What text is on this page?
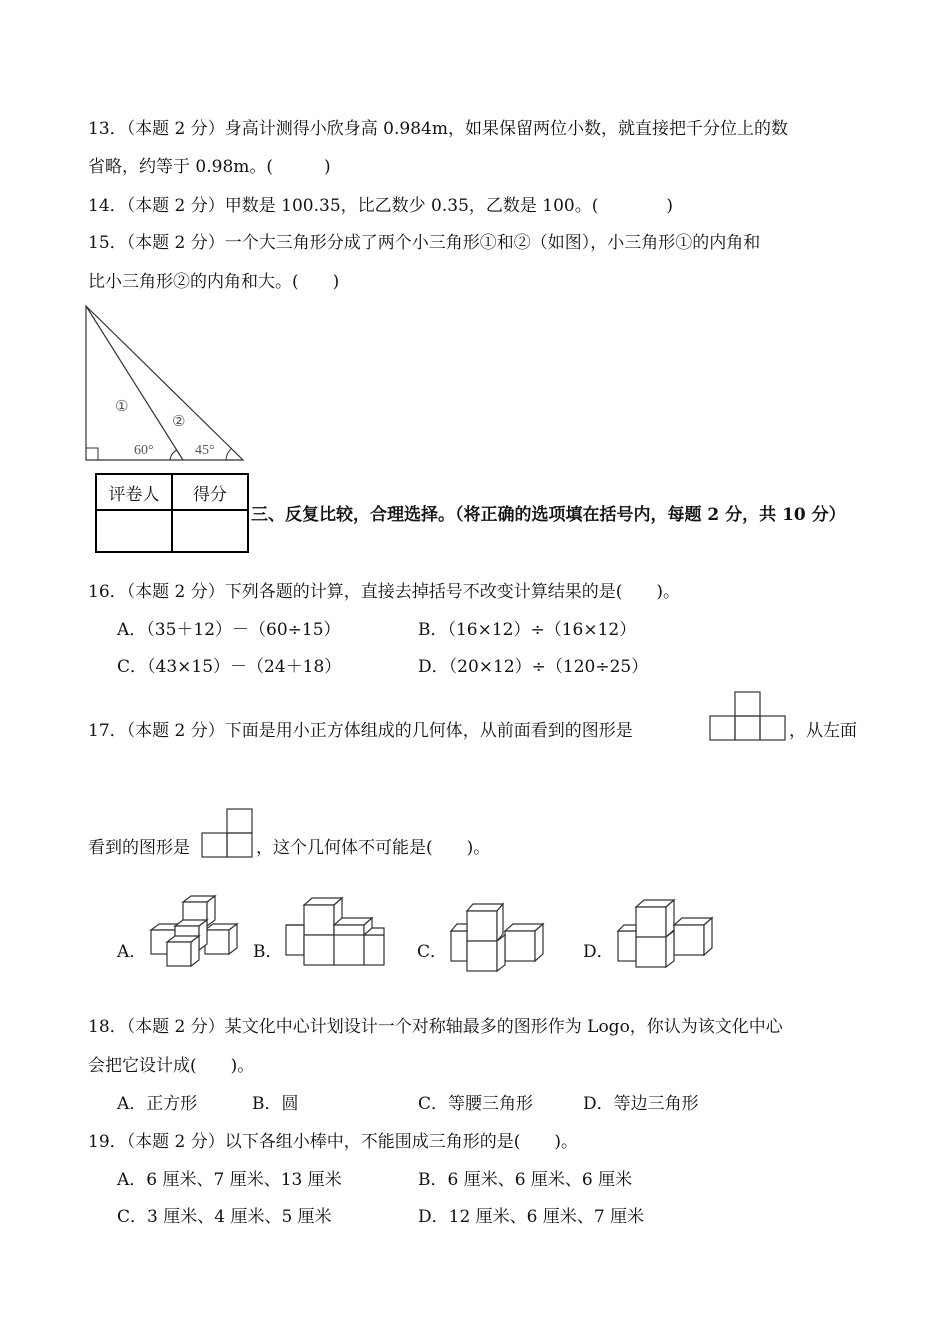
13．（本题 2 分）身高计测得小欣身高 0.984m，如果保留两位小数，就直接把千分位上的数
省略，约等于 0.98m。(　　　)
14．（本题 2 分）甲数是 100.35，比乙数少 0.35，乙数是 100。(　　　　)
15．（本题 2 分）一个大三角形分成了两个小三角形①和②（如图），小三角形①的内角和
比小三角形②的内角和大。(　　)
①
②
60°	45°
评卷人	得分

三、反复比较，合理选择。（将正确的选项填在括号内，每题 2 分，共 10 分）
16．（本题 2 分）下列各题的计算，直接去掉括号不改变计算结果的是(　　)。
A．（35＋12）－（60÷15）	B．（16×12）÷（16×12）
C．（43×15）－（24＋18）	D．（20×12）÷（120÷25）
17．（本题 2 分）下面是用小正方体组成的几何体，从前面看到的图形是	，从左面
看到的图形是	，这个几何体不可能是(　　)。
A．	B．	C．	D．
18．（本题 2 分）某文化中心计划设计一个对称轴最多的图形作为 Logo，你认为该文化中心
会把它设计成(　　)。
A．正方形	B．圆	C．等腰三角形	D．等边三角形
19．（本题 2 分）以下各组小棒中，不能围成三角形的是(　　)。
A．6 厘米、7 厘米、13 厘米	B．6 厘米、6 厘米、6 厘米
C．3 厘米、4 厘米、5 厘米	D．12 厘米、6 厘米、7 厘米
